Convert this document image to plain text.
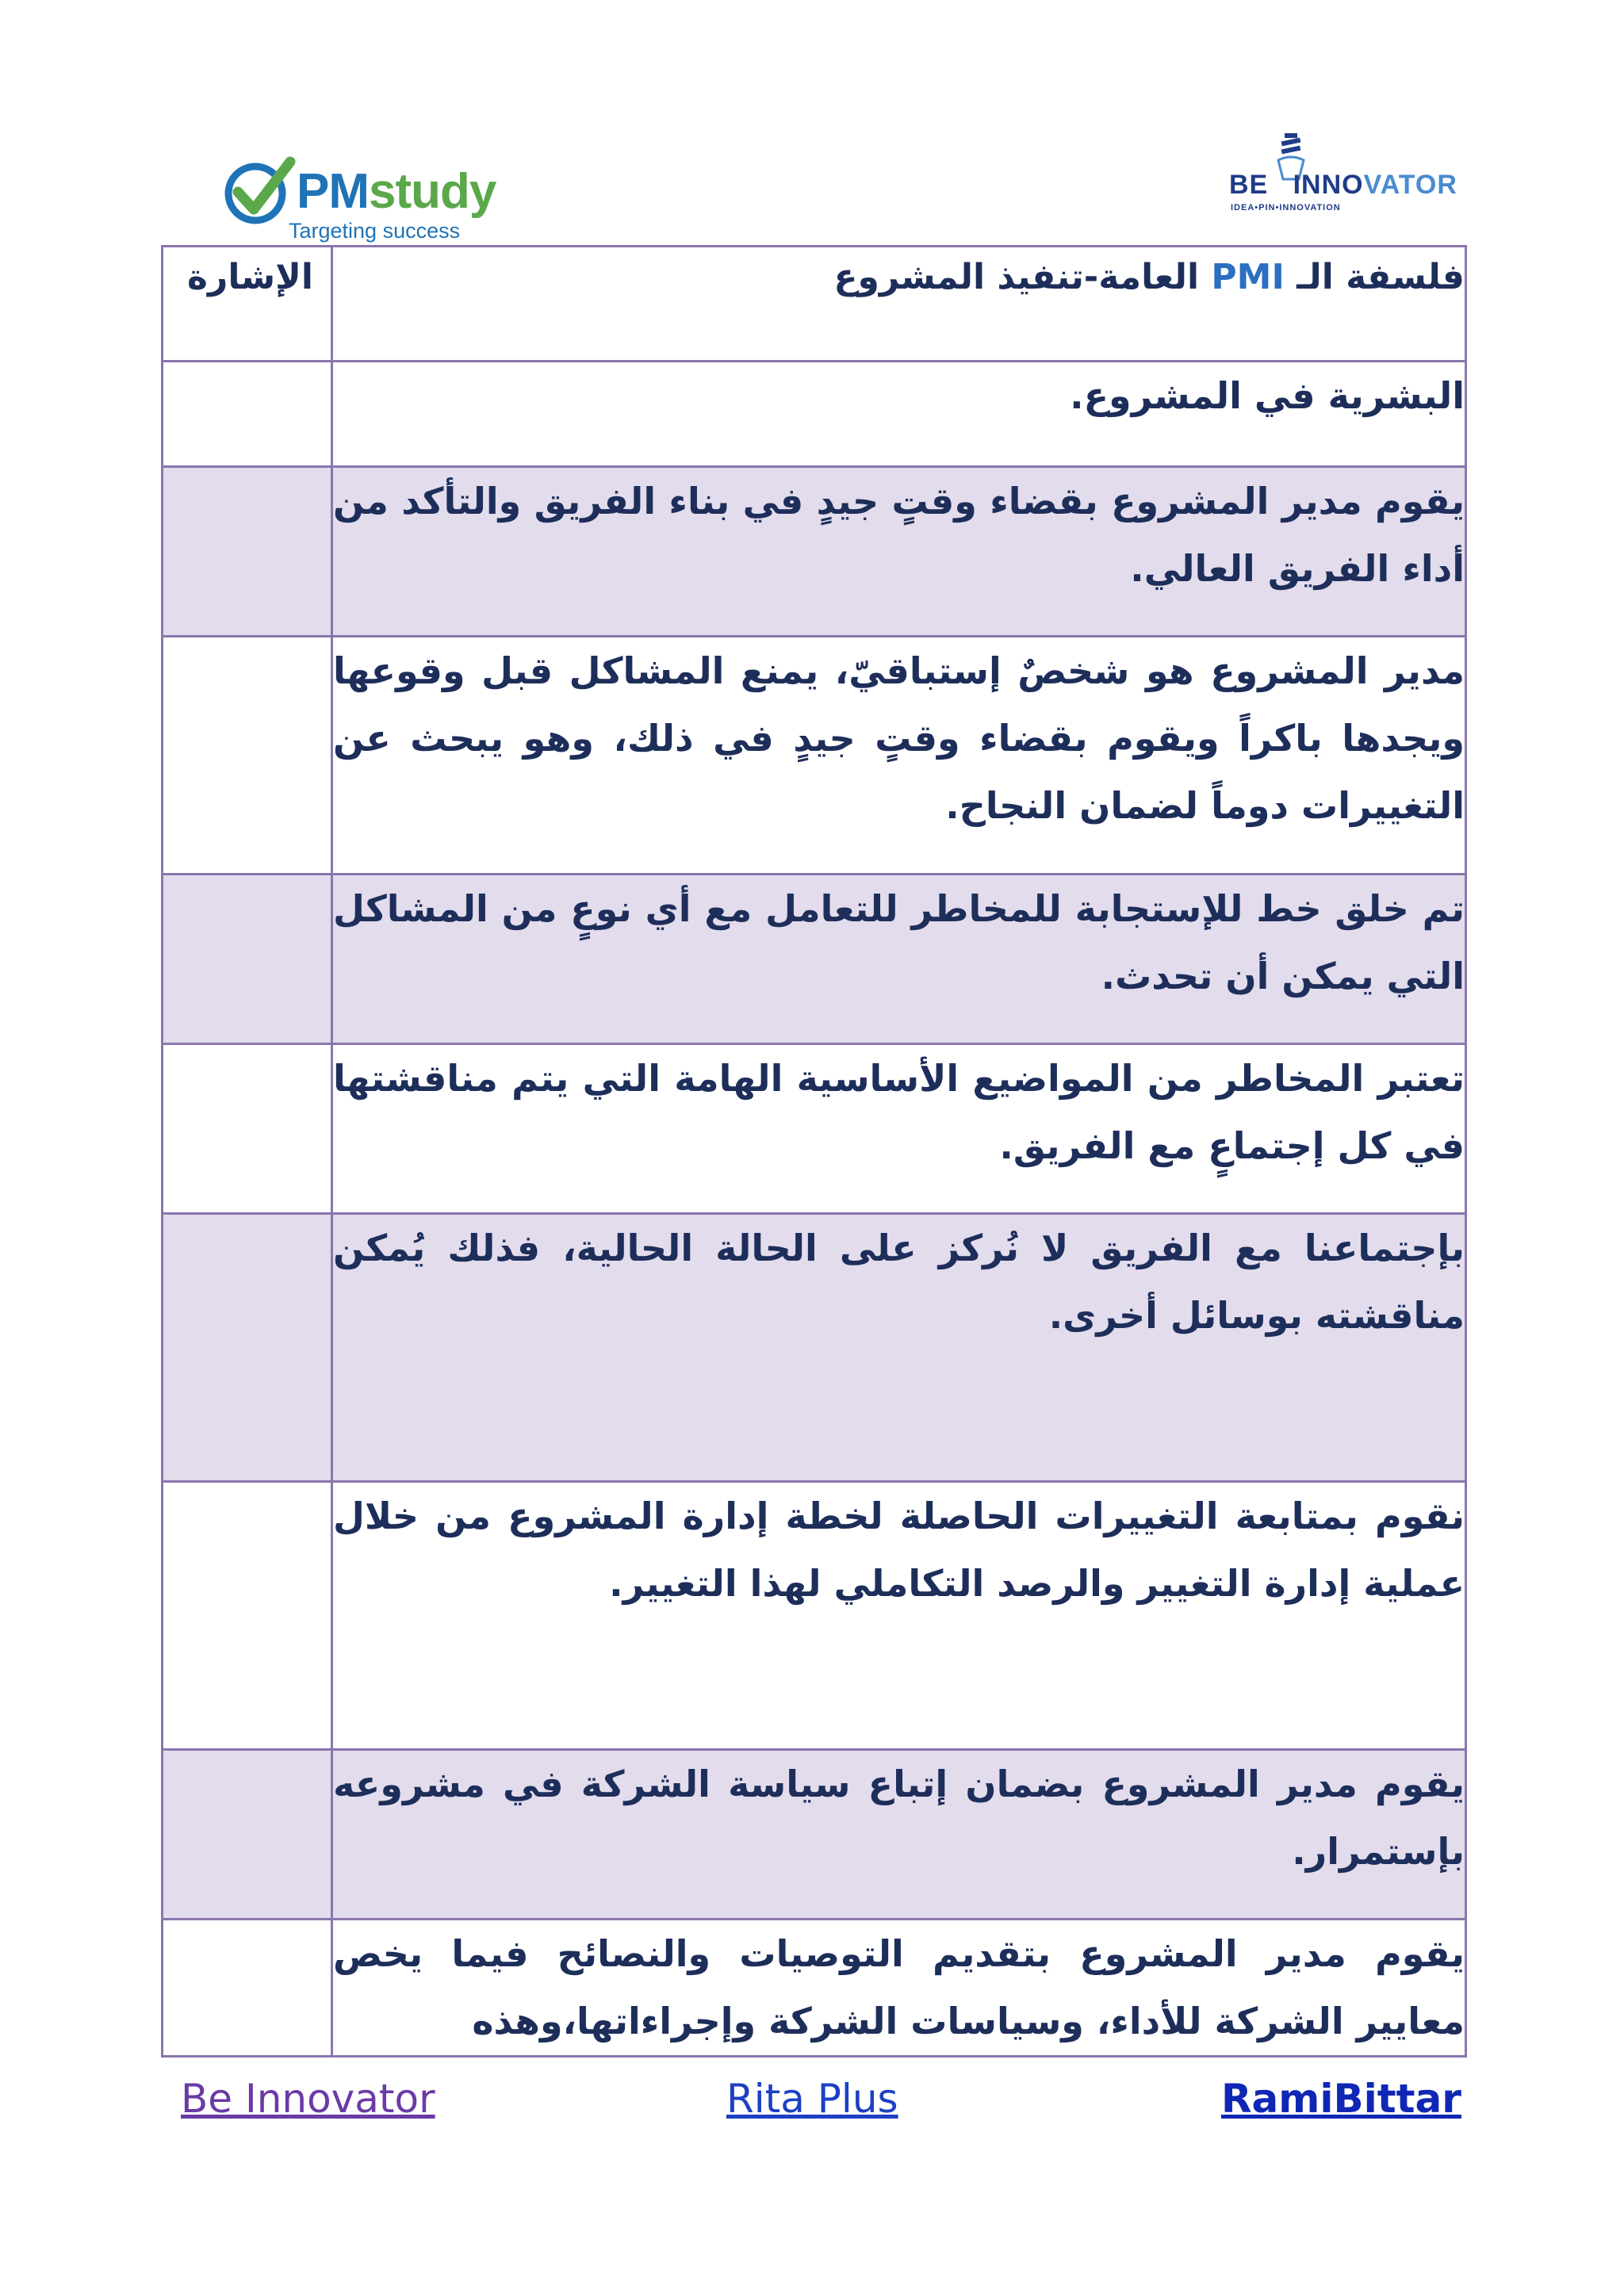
PMstudy
Targeting success
BE INNOVATOR
IDEA•PIN•INNOVATION
فلسفة الـ PMI العامة-تنفيذ المشروع	الإشارة

البشرية في المشروع.	

يقوم مدير المشروع بقضاء وقتٍ جيدٍ في بناء الفريق والتأكد من أداء الفريق العالي.	

مدير المشروع هو شخصٌ إستباقيّ، يمنع المشاكل قبل وقوعها ويجدها باكراً ويقوم بقضاء وقتٍ جيدٍ في ذلك، وهو يبحث عن التغييرات دوماً لضمان النجاح.	

تم خلق خط للإستجابة للمخاطر للتعامل مع أي نوعٍ من المشاكل التي يمكن أن تحدث.	

تعتبر المخاطر من المواضيع الأساسية الهامة التي يتم مناقشتها في كل إجتماعٍ مع الفريق.	

بإجتماعنا مع الفريق لا نُركز على الحالة الحالية، فذلك يُمكن مناقشته بوسائل أخرى.	

نقوم بمتابعة التغييرات الحاصلة لخطة إدارة المشروع من خلال عملية إدارة التغيير والرصد التكاملي لهذا التغيير.	

يقوم مدير المشروع بضمان إتباع سياسة الشركة في مشروعه بإستمرار.	

يقوم مدير المشروع بتقديم التوصيات والنصائح فيما يخص معايير الشركة للأداء، وسياسات الشركة وإجراءاتها،وهذه	

Be Innovator	Rita Plus	RamiBittar
